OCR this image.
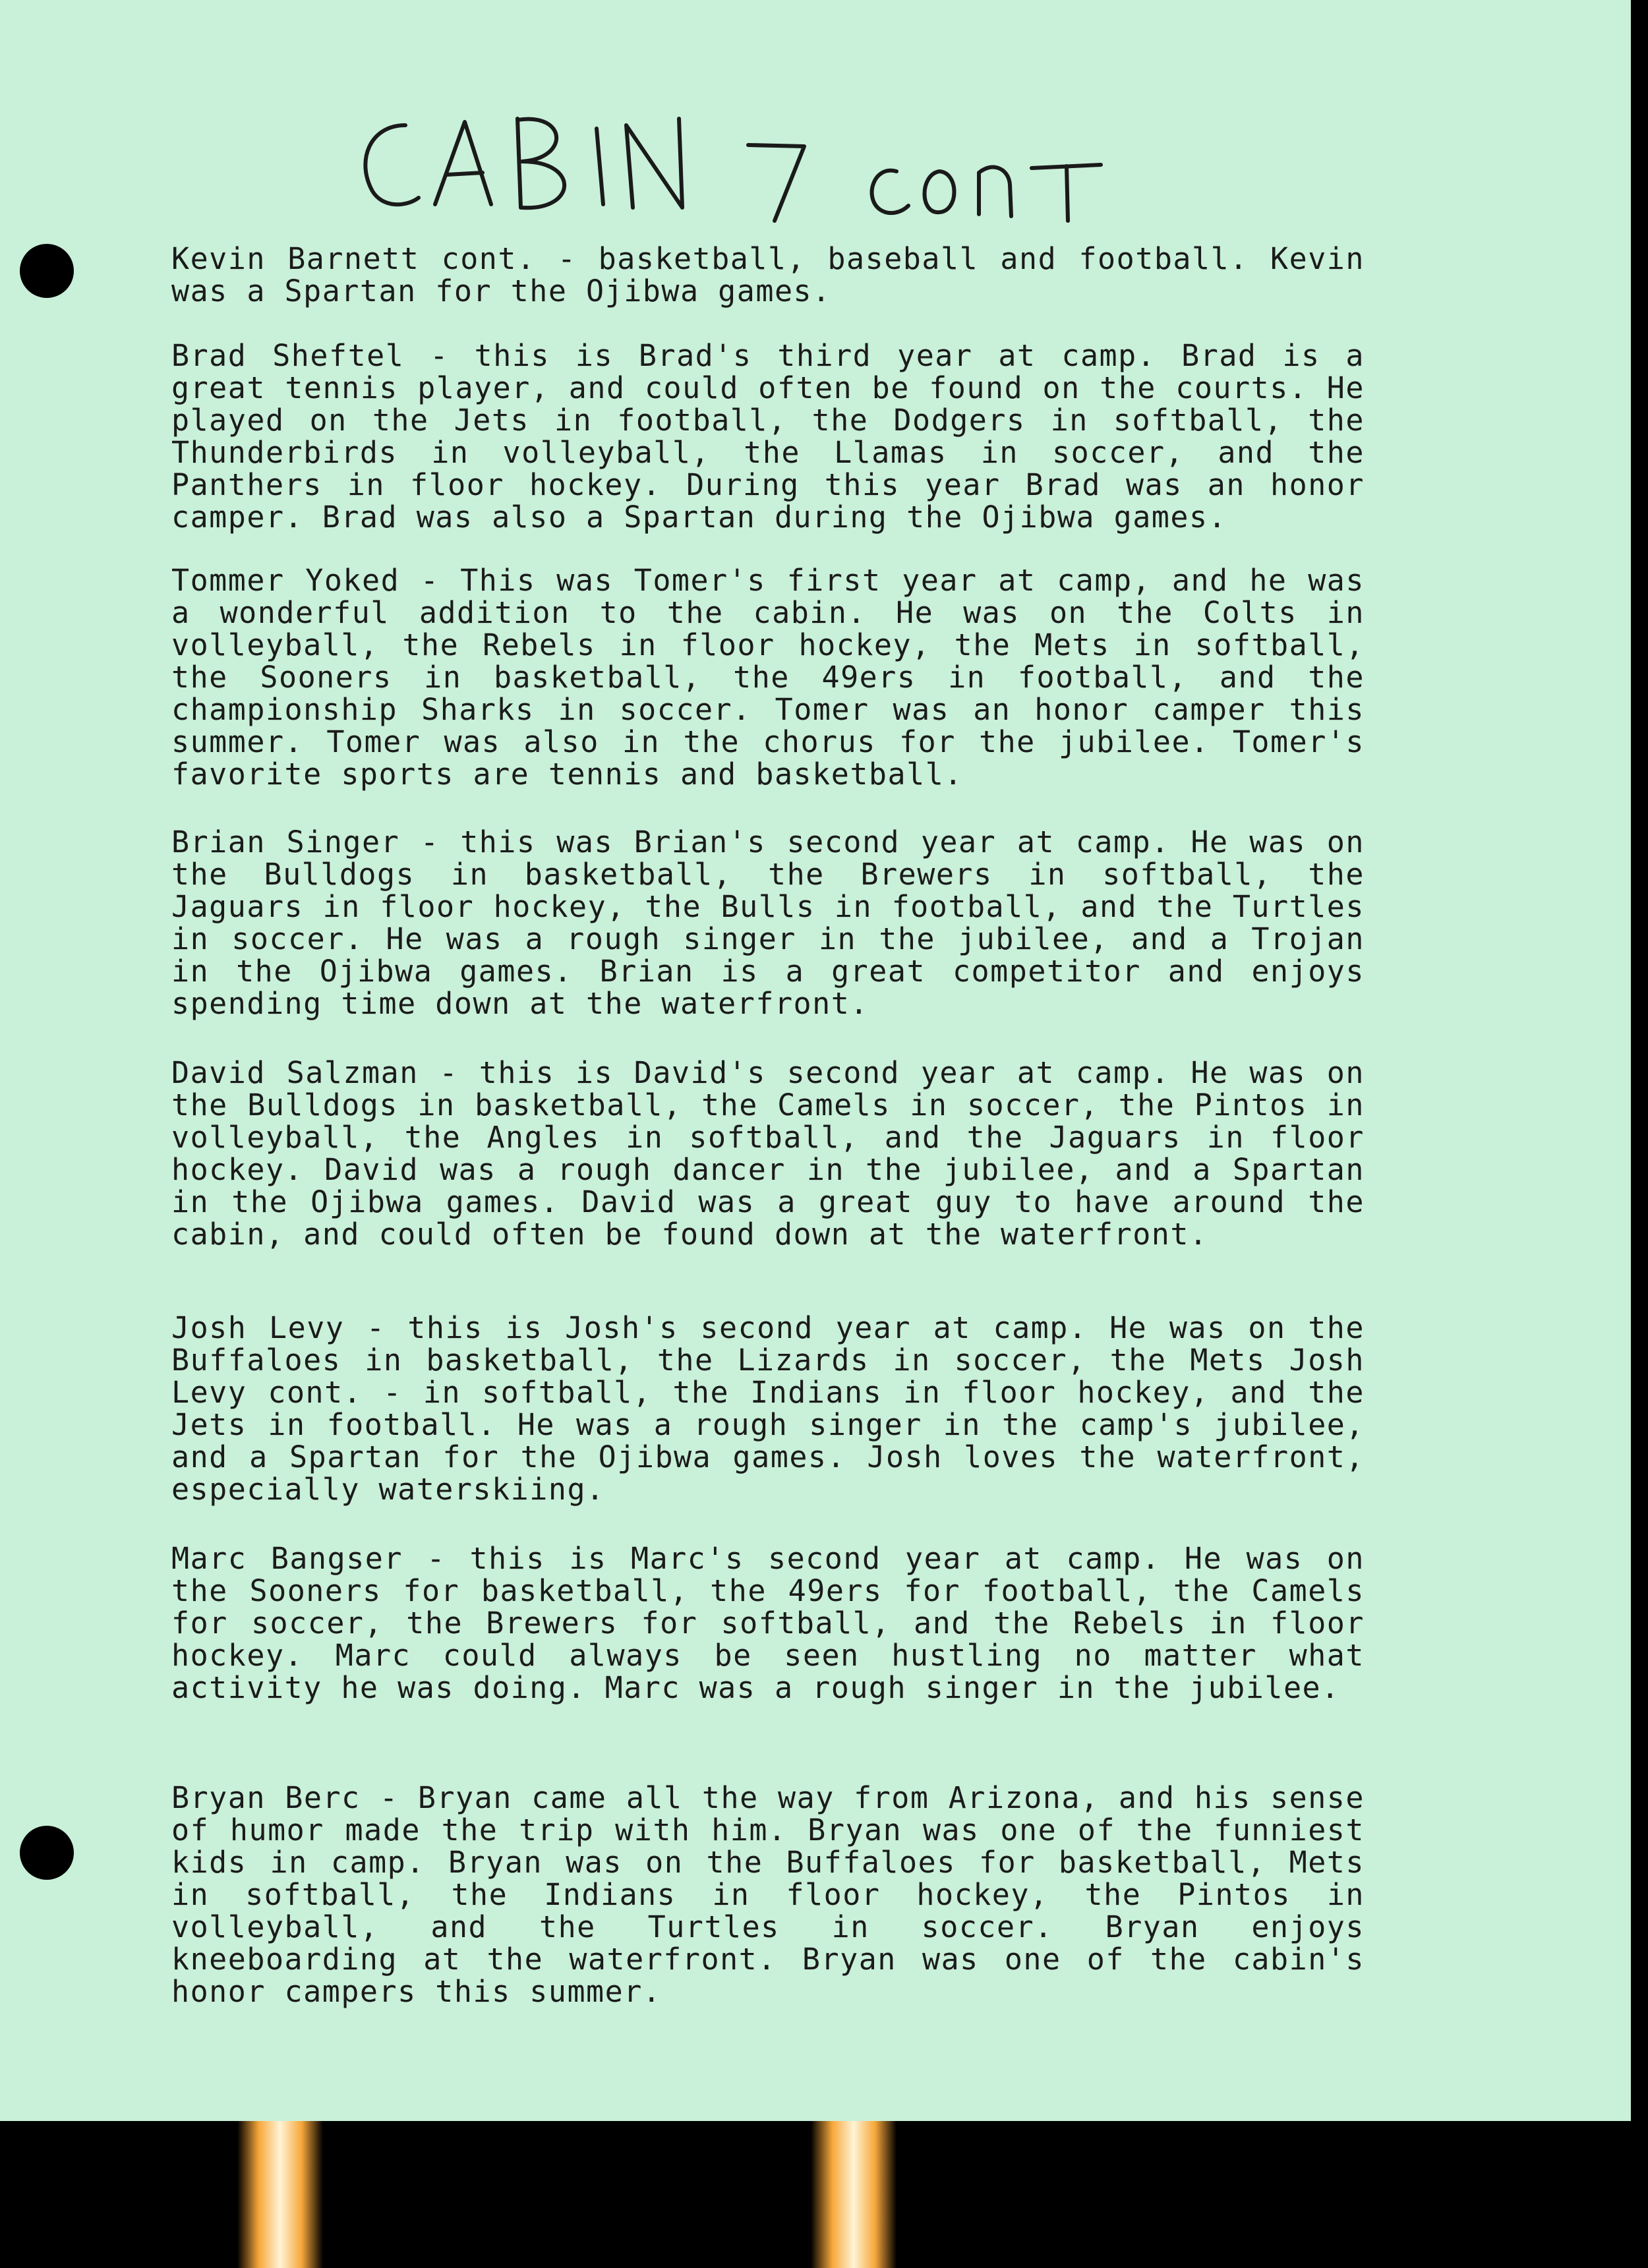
Kevin Barnett cont. - basketball, baseball and football. Kevin was a Spartan for the Ojibwa games.

Brad Sheftel - this is Brad's third year at camp. Brad is a great tennis player, and could often be found on the courts. He played on the Jets in football, the Dodgers in softball, the Thunderbirds in volleyball, the Llamas in soccer, and the Panthers in floor hockey. During this year Brad was an honor camper. Brad was also a Spartan during the Ojibwa games.

Tommer Yoked - This was Tomer's first year at camp, and he was a wonderful addition to the cabin. He was on the Colts in volleyball, the Rebels in floor hockey, the Mets in softball, the Sooners in basketball, the 49ers in football, and the championship Sharks in soccer. Tomer was an honor camper this summer. Tomer was also in the chorus for the jubilee. Tomer's favorite sports are tennis and basketball.

Brian Singer - this was Brian's second year at camp. He was on the Bulldogs in basketball, the Brewers in softball, the Jaguars in floor hockey, the Bulls in football, and the Turtles in soccer. He was a rough singer in the jubilee, and a Trojan in the Ojibwa games. Brian is a great competitor and enjoys spending time down at the waterfront.

David Salzman - this is David's second year at camp. He was on the Bulldogs in basketball, the Camels in soccer, the Pintos in volleyball, the Angles in softball, and the Jaguars in floor hockey. David was a rough dancer in the jubilee, and a Spartan in the Ojibwa games. David was a great guy to have around the cabin, and could often be found down at the waterfront.

Josh Levy - this is Josh's second year at camp. He was on the Buffaloes in basketball, the Lizards in soccer, the Mets Josh Levy cont. - in softball, the Indians in floor hockey, and the Jets in football. He was a rough singer in the camp's jubilee, and a Spartan for the Ojibwa games. Josh loves the waterfront, especially waterskiing.

Marc Bangser - this is Marc's second year at camp. He was on the Sooners for basketball, the 49ers for football, the Camels for soccer, the Brewers for softball, and the Rebels in floor hockey. Marc could always be seen hustling no matter what activity he was doing. Marc was a rough singer in the jubilee.

Bryan Berc - Bryan came all the way from Arizona, and his sense of humor made the trip with him. Bryan was one of the funniest kids in camp. Bryan was on the Buffaloes for basketball, Mets in softball, the Indians in floor hockey, the Pintos in volleyball, and the Turtles in soccer. Bryan enjoys kneeboarding at the waterfront. Bryan was one of the cabin's honor campers this summer.
